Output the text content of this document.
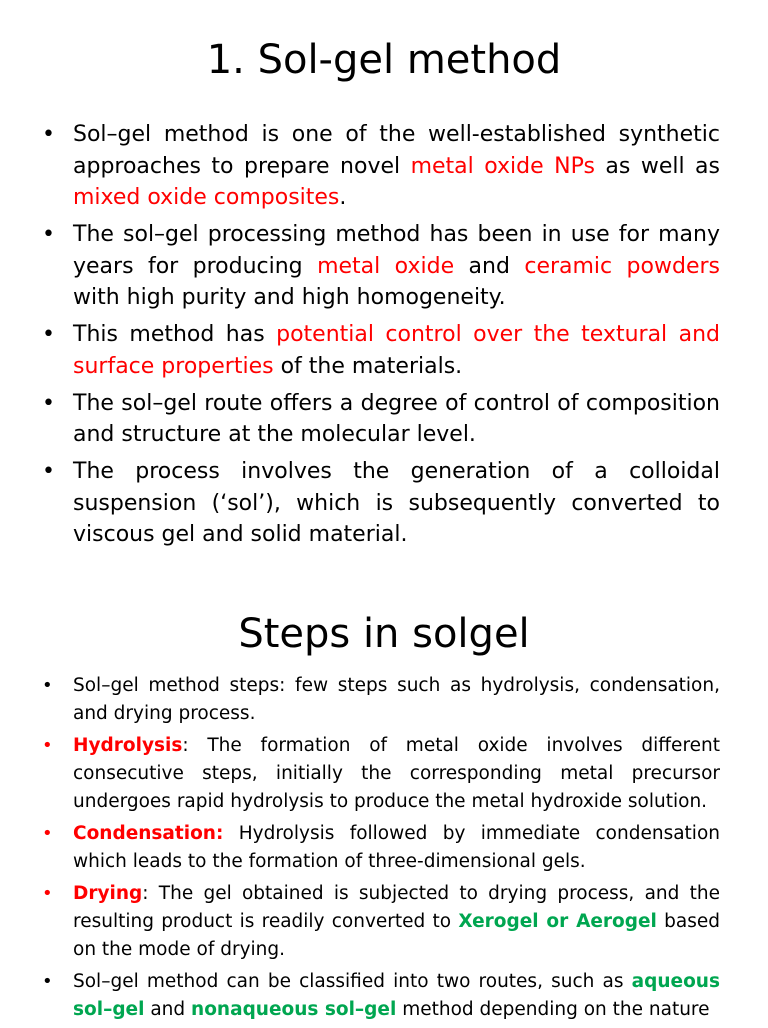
1. Sol-gel method
• Sol–gel method is one of the well-established synthetic approaches to prepare novel metal oxide NPs as well as mixed oxide composites.
• The sol–gel processing method has been in use for many years for producing metal oxide and ceramic powders with high purity and high homogeneity.
• This method has potential control over the textural and surface properties of the materials.
• The sol–gel route offers a degree of control of composition and structure at the molecular level.
• The process involves the generation of a colloidal suspension (‘sol’), which is subsequently converted to viscous gel and solid material.
Steps in solgel
• Sol–gel method steps: few steps such as hydrolysis, condensation, and drying process.
• Hydrolysis: The formation of metal oxide involves different consecutive steps, initially the corresponding metal precursor undergoes rapid hydrolysis to produce the metal hydroxide solution.
• Condensation: Hydrolysis followed by immediate condensation which leads to the formation of three-dimensional gels.
• Drying: The gel obtained is subjected to drying process, and the resulting product is readily converted to Xerogel or Aerogel based on the mode of drying.
• Sol–gel method can be classified into two routes, such as aqueous sol–gel and nonaqueous sol–gel method depending on the nature
